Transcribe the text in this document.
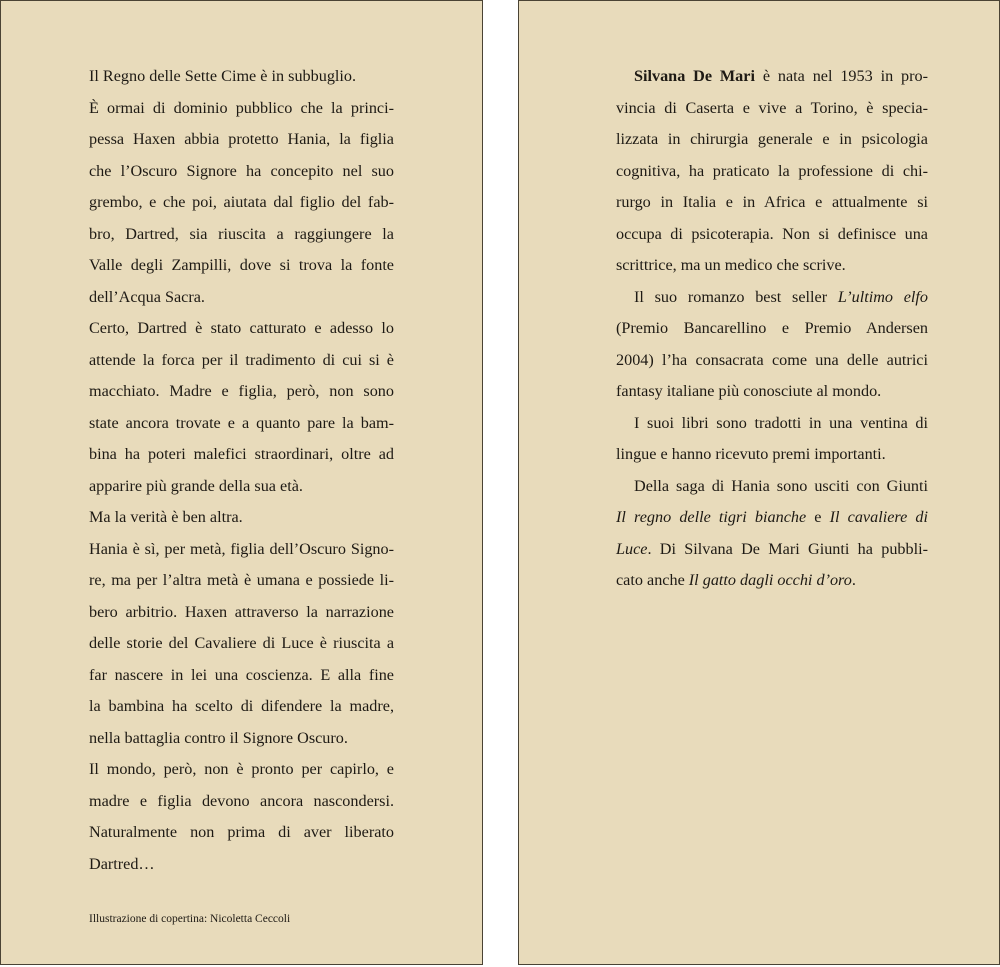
Il Regno delle Sette Cime è in subbuglio.
È ormai di dominio pubblico che la princi-
pessa Haxen abbia protetto Hania, la figlia
che l’Oscuro Signore ha concepito nel suo
grembo, e che poi, aiutata dal figlio del fab-
bro, Dartred, sia riuscita a raggiungere la
Valle degli Zampilli, dove si trova la fonte
dell’Acqua Sacra.
Certo, Dartred è stato catturato e adesso lo
attende la forca per il tradimento di cui si è
macchiato. Madre e figlia, però, non sono
state ancora trovate e a quanto pare la bam-
bina ha poteri malefici straordinari, oltre ad
apparire più grande della sua età.
Ma la verità è ben altra.
Hania è sì, per metà, figlia dell’Oscuro Signo-
re, ma per l’altra metà è umana e possiede li-
bero arbitrio. Haxen attraverso la narrazione
delle storie del Cavaliere di Luce è riuscita a
far nascere in lei una coscienza. E alla fine
la bambina ha scelto di difendere la madre,
nella battaglia contro il Signore Oscuro.
Il mondo, però, non è pronto per capirlo, e
madre e figlia devono ancora nascondersi.
Naturalmente non prima di aver liberato
Dartred…
Illustrazione di copertina: Nicoletta Ceccoli
Silvana De Mari è nata nel 1953 in pro-
vincia di Caserta e vive a Torino, è specia-
lizzata in chirurgia generale e in psicologia
cognitiva, ha praticato la professione di chi-
rurgo in Italia e in Africa e attualmente si
occupa di psicoterapia. Non si definisce una
scrittrice, ma un medico che scrive.
Il suo romanzo best seller L’ultimo elfo
(Premio Bancarellino e Premio Andersen
2004) l’ha consacrata come una delle autrici
fantasy italiane più conosciute al mondo.
I suoi libri sono tradotti in una ventina di
lingue e hanno ricevuto premi importanti.
Della saga di Hania sono usciti con Giunti
Il regno delle tigri bianche e Il cavaliere di
Luce. Di Silvana De Mari Giunti ha pubbli-
cato anche Il gatto dagli occhi d’oro.
